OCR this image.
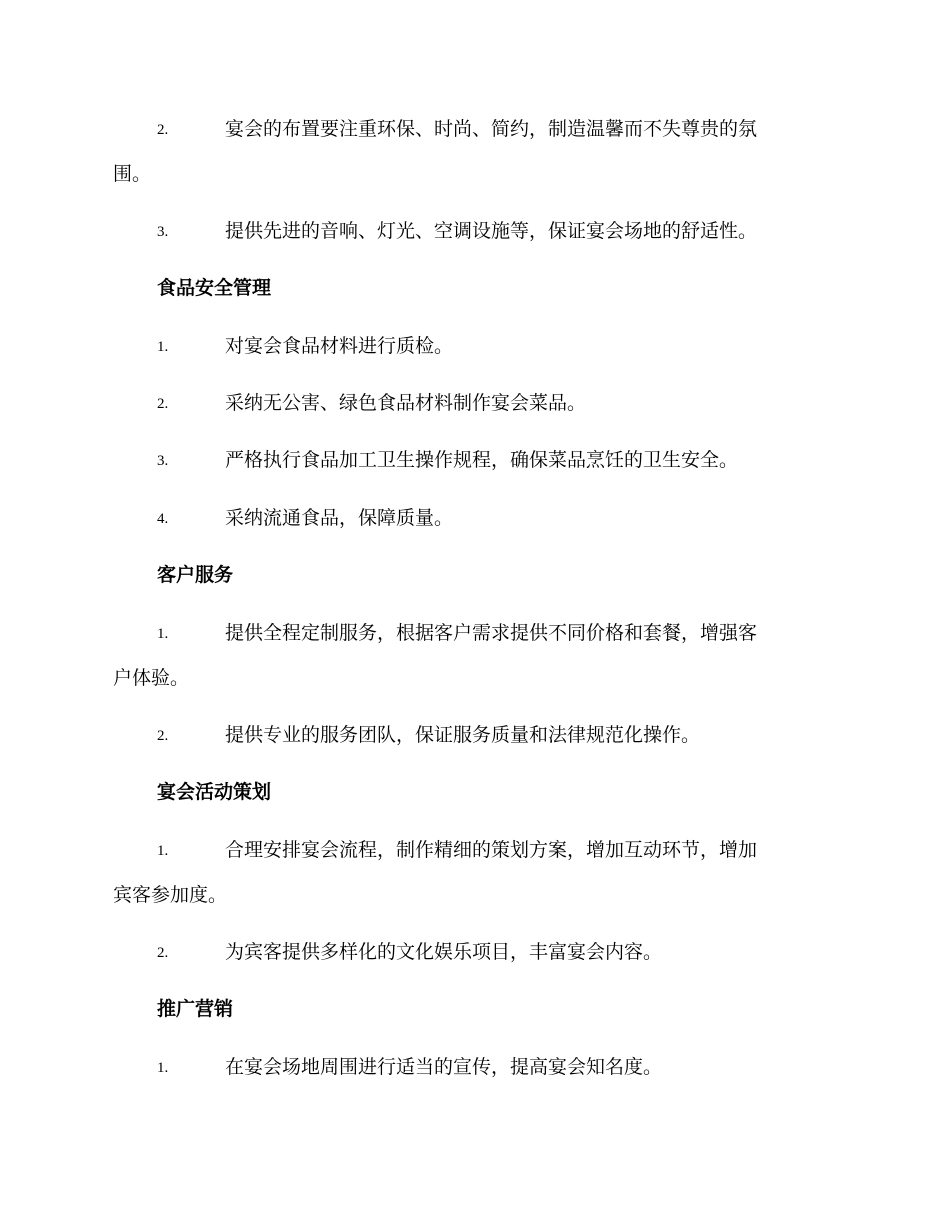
2.	宴会的布置要注重环保、时尚、简约，制造温馨而不失尊贵的氛
围。
3.	提供先进的音响、灯光、空调设施等，保证宴会场地的舒适性。
食品安全管理
1.	对宴会食品材料进行质检。
2.	采纳无公害、绿色食品材料制作宴会菜品。
3.	严格执行食品加工卫生操作规程，确保菜品烹饪的卫生安全。
4.	采纳流通食品，保障质量。
客户服务
1.	提供全程定制服务，根据客户需求提供不同价格和套餐，增强客
户体验。
2.	提供专业的服务团队，保证服务质量和法律规范化操作。
宴会活动策划
1.	合理安排宴会流程，制作精细的策划方案，增加互动环节，增加
宾客参加度。
2.	为宾客提供多样化的文化娱乐项目，丰富宴会内容。
推广营销
1.	在宴会场地周围进行适当的宣传，提高宴会知名度。
